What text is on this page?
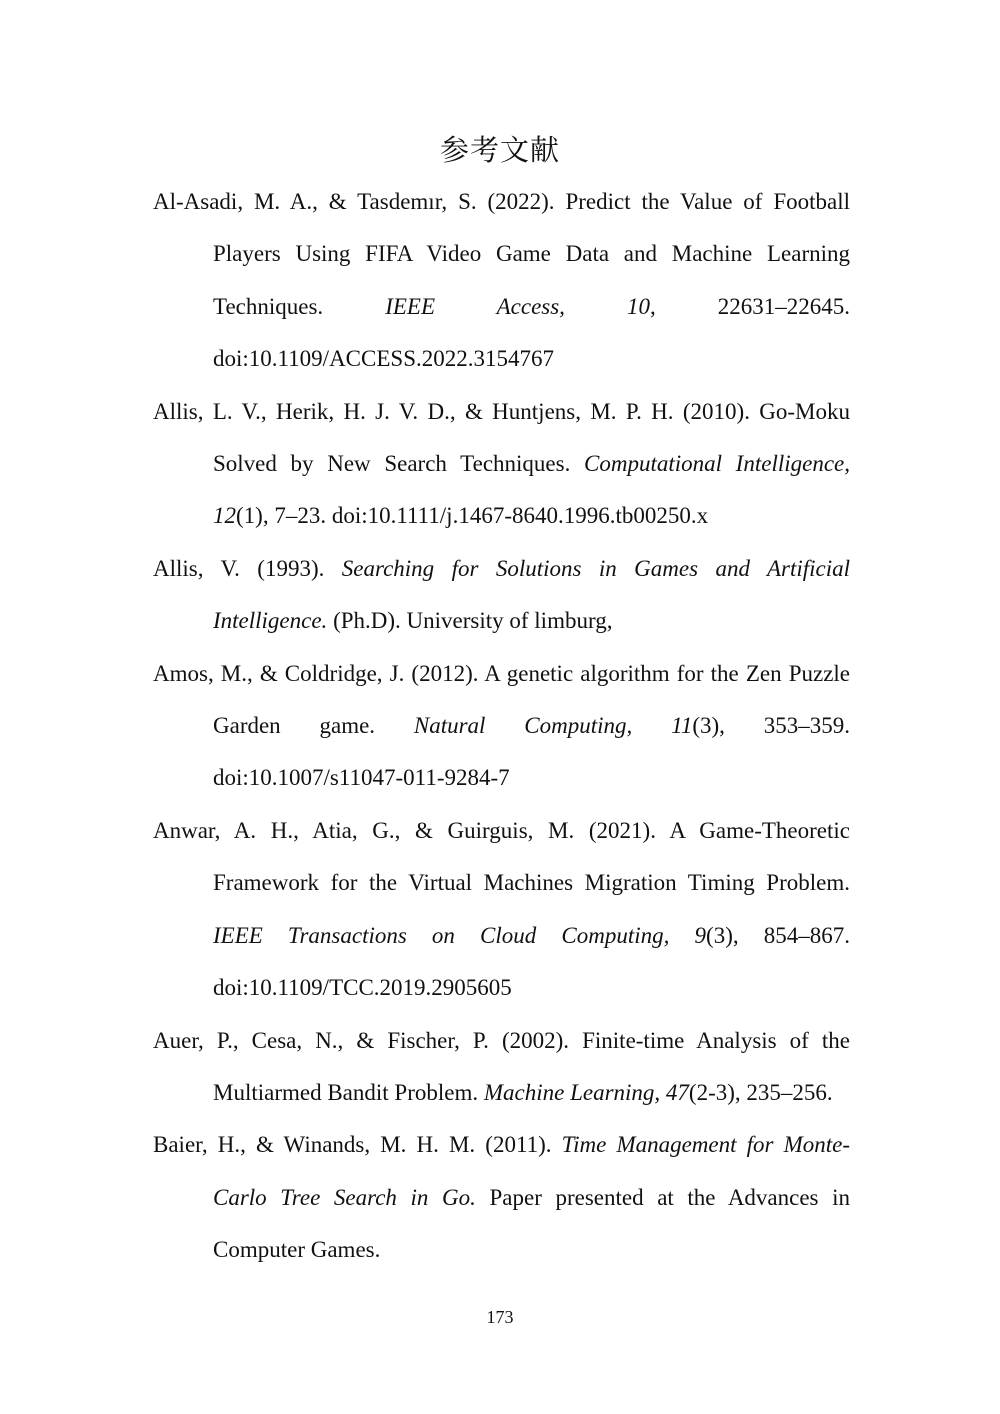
参考文献

Al-Asadi, M. A., & Tasdemır, S. (2022). Predict the Value of Football Players Using FIFA Video Game Data and Machine Learning Techniques. IEEE Access,	10, 22631–22645. doi:10.1109/ACCESS.2022.3154767

Allis, L. V., Herik, H. J. V. D., & Huntjens, M. P. H. (2010). Go-Moku Solved by New Search Techniques. Computational Intelligence, 12(1), 7–23. doi:10.1111/j.1467-8640.1996.tb00250.x

Allis, V. (1993). Searching for Solutions in Games and Artificial Intelligence. (Ph.D). University of limburg,

Amos, M., & Coldridge, J. (2012). A genetic algorithm for the Zen Puzzle Garden game. Natural Computing, 11(3), 353–359. doi:10.1007/s11047-011-9284-7

Anwar, A. H., Atia, G., & Guirguis, M. (2021). A Game-Theoretic Framework for the Virtual Machines Migration Timing Problem. IEEE Transactions on Cloud Computing, 9(3), 854–867. doi:10.1109/TCC.2019.2905605

Auer, P., Cesa, N., & Fischer, P. (2002). Finite-time Analysis of the Multiarmed Bandit Problem. Machine Learning, 47(2-3), 235–256.

Baier, H., & Winands, M. H. M. (2011). Time Management for Monte-Carlo Tree Search in Go. Paper presented at the Advances in Computer Games.

173
